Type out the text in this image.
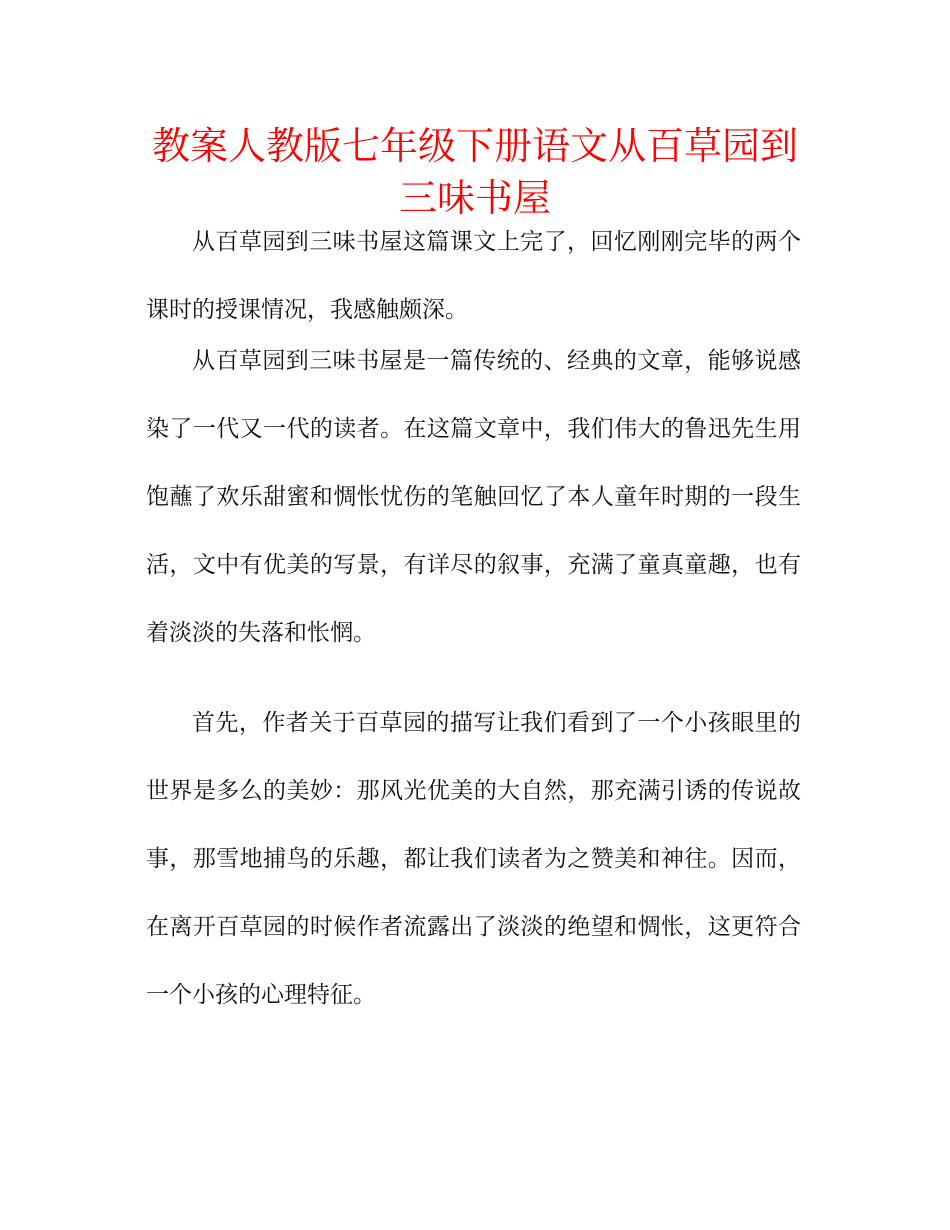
教案人教版七年级下册语文从百草园到三味书屋

从百草园到三味书屋这篇课文上完了，回忆刚刚完毕的两个课时的授课情况，我感触颇深。

从百草园到三味书屋是一篇传统的、经典的文章，能够说感染了一代又一代的读者。在这篇文章中，我们伟大的鲁迅先生用饱蘸了欢乐甜蜜和惆怅忧伤的笔触回忆了本人童年时期的一段生活，文中有优美的写景，有详尽的叙事，充满了童真童趣，也有着淡淡的失落和怅惘。

首先，作者关于百草园的描写让我们看到了一个小孩眼里的世界是多么的美妙：那风光优美的大自然，那充满引诱的传说故事，那雪地捕鸟的乐趣，都让我们读者为之赞美和神往。因而，在离开百草园的时候作者流露出了淡淡的绝望和惆怅，这更符合一个小孩的心理特征。
